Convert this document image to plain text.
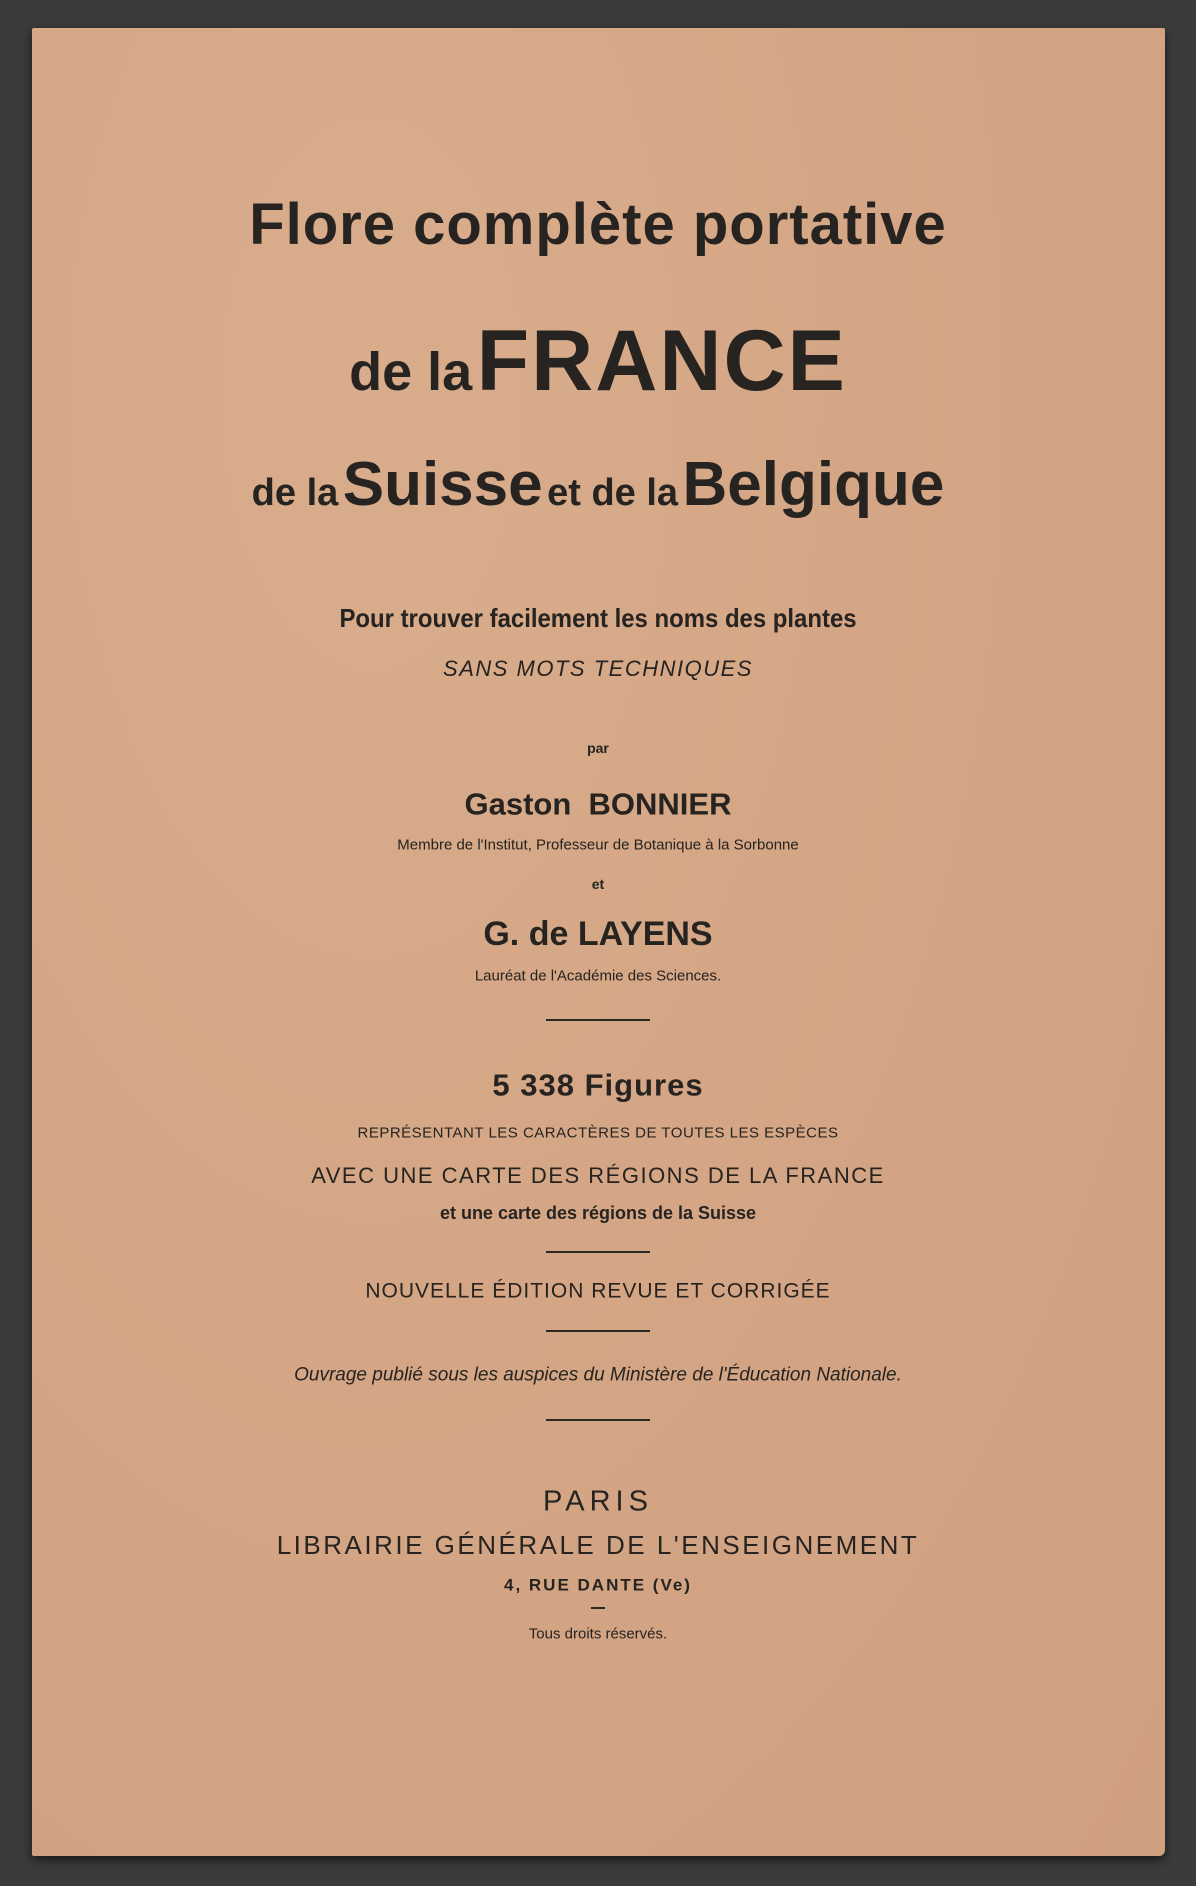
Flore complète portative
de la FRANCE
de la Suisse et de la Belgique
Pour trouver facilement les noms des plantes
SANS MOTS TECHNIQUES
par
Gaston BONNIER
Membre de l'Institut, Professeur de Botanique à la Sorbonne
et
G. de LAYENS
Lauréat de l'Académie des Sciences.
5 338 Figures
REPRÉSENTANT LES CARACTÈRES DE TOUTES LES ESPÈCES
AVEC UNE CARTE DES RÉGIONS DE LA FRANCE
et une carte des régions de la Suisse
NOUVELLE ÉDITION REVUE ET CORRIGÉE
Ouvrage publié sous les auspices du Ministère de l'Éducation Nationale.
PARIS
LIBRAIRIE GÉNÉRALE DE L'ENSEIGNEMENT
4, RUE DANTE (Ve)
Tous droits réservés.
